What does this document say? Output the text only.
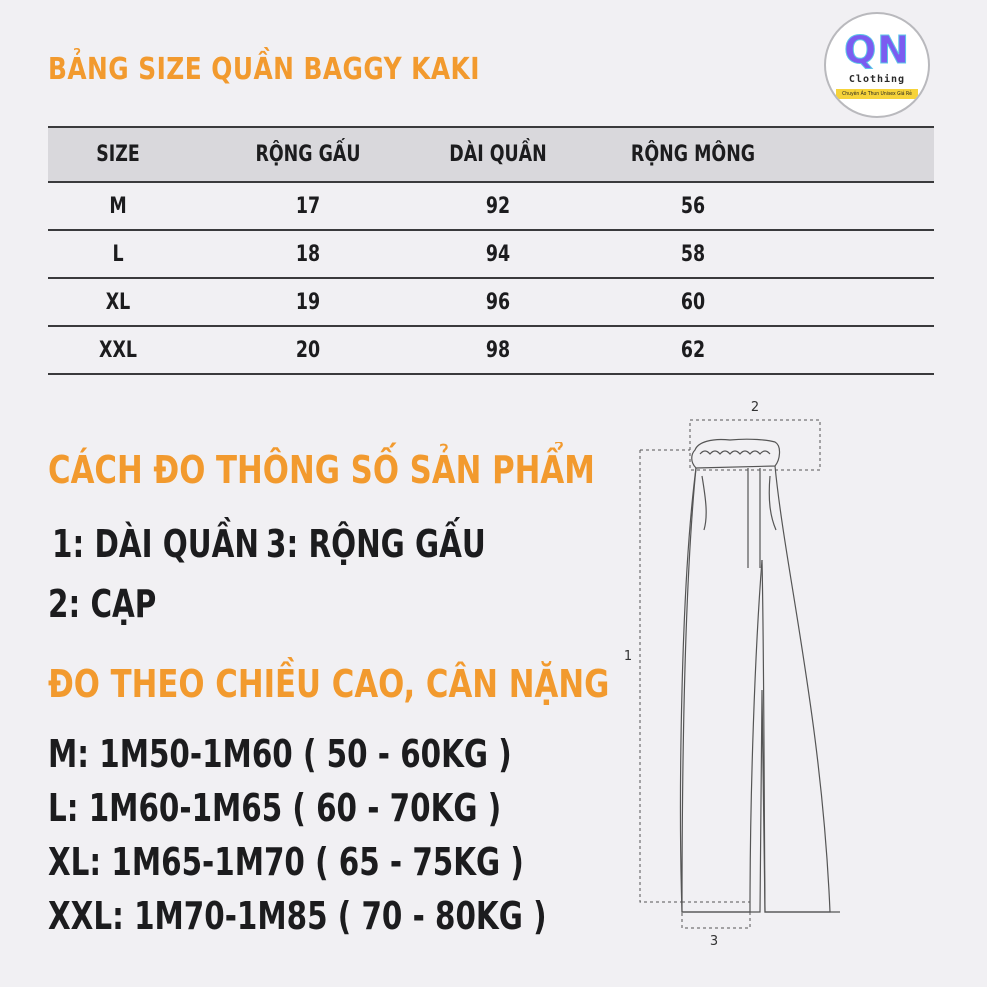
BẢNG SIZE QUẦN BAGGY KAKI	QN
Clothing
Chuyên Áo Thun Unisex Giá Rẻ
SIZE	RỘNG GẤU	DÀI QUẦN	RỘNG MÔNG
M	17	92	56
L	18	94	58
XL	19	96	60
XXL	20	98	62
CÁCH ĐO THÔNG SỐ SẢN PHẨM
1: DÀI QUẦN 3: RỘNG GẤU
2: CẠP
ĐO THEO CHIỀU CAO, CÂN NẶNG
M: 1M50-1M60 ( 50 - 60KG )
L: 1M60-1M65 ( 60 - 70KG )
XL: 1M65-1M70 ( 65 - 75KG )
XXL: 1M70-1M85 ( 70 - 80KG )
2
1
3
